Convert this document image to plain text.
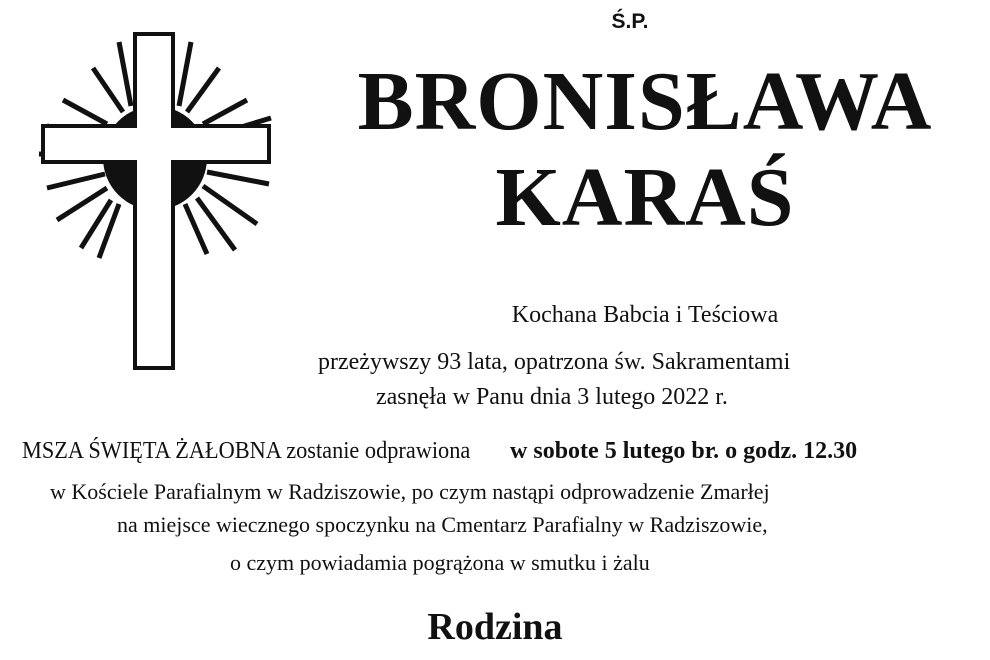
Ś.P.
BRONISŁAWA
KARAŚ
Kochana Babcia i Teściowa
przeżywszy 93 lata, opatrzona św. Sakramentami
zasnęła w Panu dnia 3 lutego 2022 r.
MSZA ŚWIĘTA ŻAŁOBNA zostanie odprawiona w sobote 5 lutego br. o godz. 12.30
w Kościele Parafialnym w Radziszowie, po czym nastąpi odprowadzenie Zmarłej
na miejsce wiecznego spoczynku na Cmentarz Parafialny w Radziszowie,
o czym powiadamia pogrążona w smutku i żalu
Rodzina
